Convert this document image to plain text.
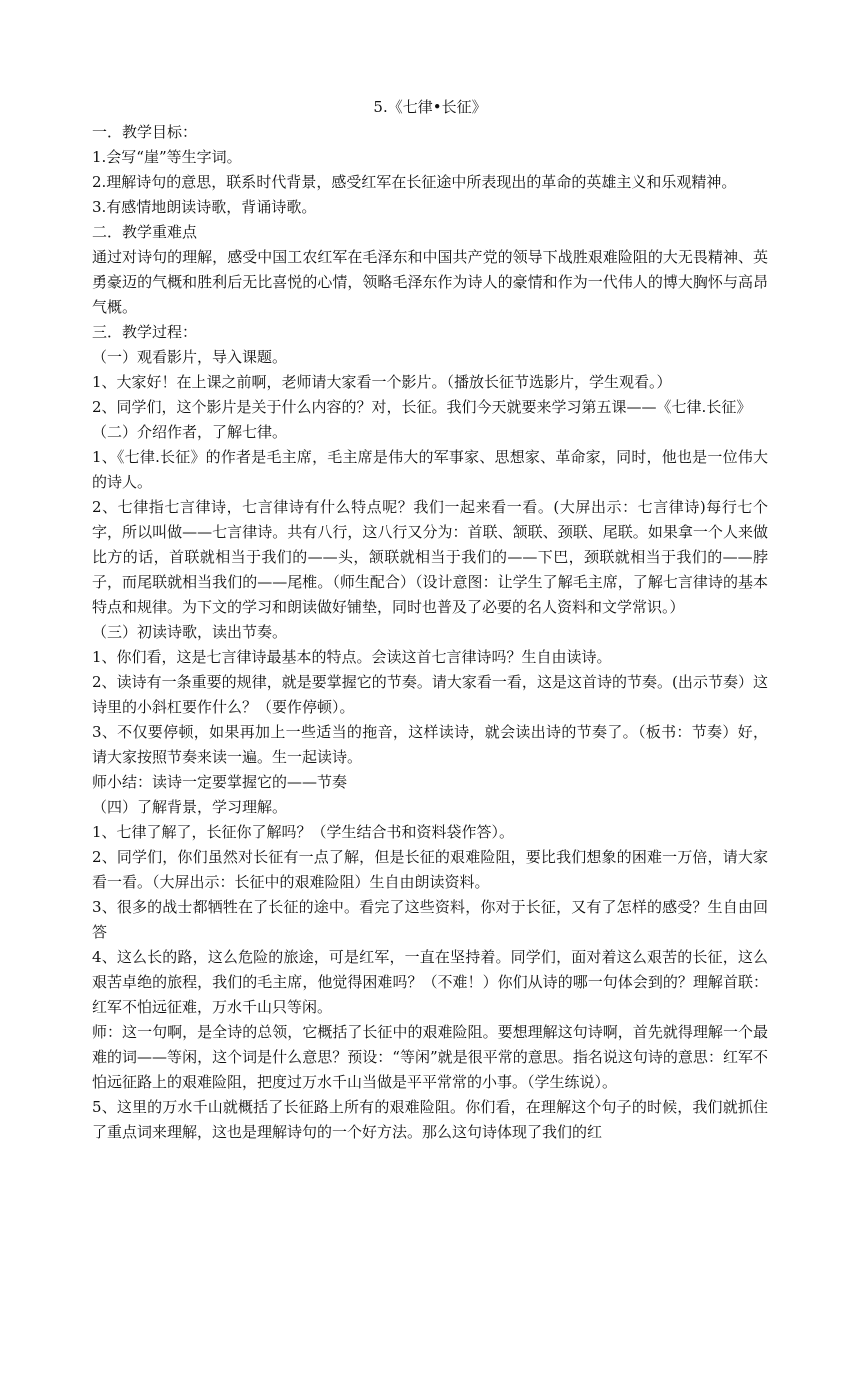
5.《七律•长征》

一．教学目标：

1.会写“崖”等生字词。

2.理解诗句的意思，联系时代背景，感受红军在长征途中所表现出的革命的英雄主义和乐观精神。

3.有感情地朗读诗歌，背诵诗歌。

二．教学重难点

通过对诗句的理解，感受中国工农红军在毛泽东和中国共产党的领导下战胜艰难险阻的大无畏精神、英勇豪迈的气概和胜利后无比喜悦的心情，领略毛泽东作为诗人的豪情和作为一代伟人的博大胸怀与高昂气概。

三．教学过程：

（一）观看影片，导入课题。

1、大家好！在上课之前啊，老师请大家看一个影片。（播放长征节选影片，学生观看。）

2、同学们，这个影片是关于什么内容的？对，长征。我们今天就要来学习第五课——《七律.长征》

（二）介绍作者，了解七律。

1、《七律.长征》的作者是毛主席，毛主席是伟大的军事家、思想家、革命家，同时，他也是一位伟大的诗人。

2、七律指七言律诗，七言律诗有什么特点呢？我们一起来看一看。(大屏出示：七言律诗)每行七个字，所以叫做——七言律诗。共有八行，这八行又分为：首联、颔联、颈联、尾联。如果拿一个人来做比方的话，首联就相当于我们的——头，颔联就相当于我们的——下巴，颈联就相当于我们的——脖子，而尾联就相当我们的——尾椎。（师生配合）（设计意图：让学生了解毛主席，了解七言律诗的基本特点和规律。为下文的学习和朗读做好铺垫，同时也普及了必要的名人资料和文学常识。）

（三）初读诗歌，读出节奏。

1、你们看，这是七言律诗最基本的特点。会读这首七言律诗吗？生自由读诗。

2、读诗有一条重要的规律，就是要掌握它的节奏。请大家看一看，这是这首诗的节奏。(出示节奏）这诗里的小斜杠要作什么？（要作停顿）。

3、不仅要停顿，如果再加上一些适当的拖音，这样读诗，就会读出诗的节奏了。（板书：节奏）好，请大家按照节奏来读一遍。生一起读诗。

师小结：读诗一定要掌握它的——节奏

（四）了解背景，学习理解。

1、七律了解了，长征你了解吗？（学生结合书和资料袋作答）。

2、同学们，你们虽然对长征有一点了解，但是长征的艰难险阻，要比我们想象的困难一万倍，请大家看一看。（大屏出示：长征中的艰难险阻）生自由朗读资料。

3、很多的战士都牺牲在了长征的途中。看完了这些资料，你对于长征，又有了怎样的感受？生自由回答

4、这么长的路，这么危险的旅途，可是红军，一直在坚持着。同学们，面对着这么艰苦的长征，这么艰苦卓绝的旅程，我们的毛主席，他觉得困难吗？（不难！）你们从诗的哪一句体会到的？理解首联：红军不怕远征难，万水千山只等闲。

师：这一句啊，是全诗的总领，它概括了长征中的艰难险阻。要想理解这句诗啊，首先就得理解一个最难的词——等闲，这个词是什么意思？预设：“等闲”就是很平常的意思。指名说这句诗的意思：红军不怕远征路上的艰难险阻，把度过万水千山当做是平平常常的小事。（学生练说）。

5、这里的万水千山就概括了长征路上所有的艰难险阻。你们看，在理解这个句子的时候，我们就抓住了重点词来理解，这也是理解诗句的一个好方法。那么这句诗体现了我们的红
